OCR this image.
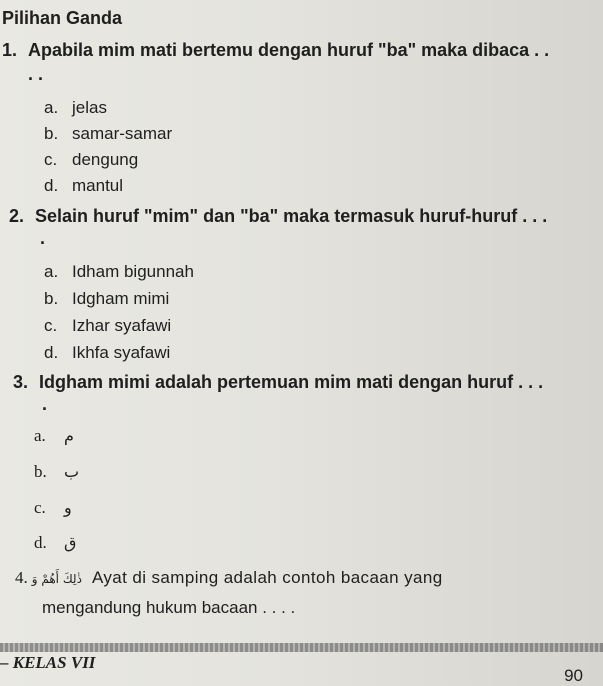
Pilihan Ganda
1. Apabila mim mati bertemu dengan huruf "ba" maka dibaca . .
. .
a. jelas
b. samar-samar
c. dengung
d. mantul
2. Selain huruf "mim" dan "ba" maka termasuk huruf-huruf . . .
.
a. Idham bigunnah
b. Idgham mimi
c. Izhar syafawi
d. Ikhfa syafawi
3. Idgham mimi adalah pertemuan mim mati dengan huruf . . .
.
a. م
b. ب
c. و
d. ق
4. ذٰلِكَ أَهُمْ وَ Ayat di samping adalah contoh bacaan yang
mengandung hukum bacaan . . . .
– KELAS VII
90
